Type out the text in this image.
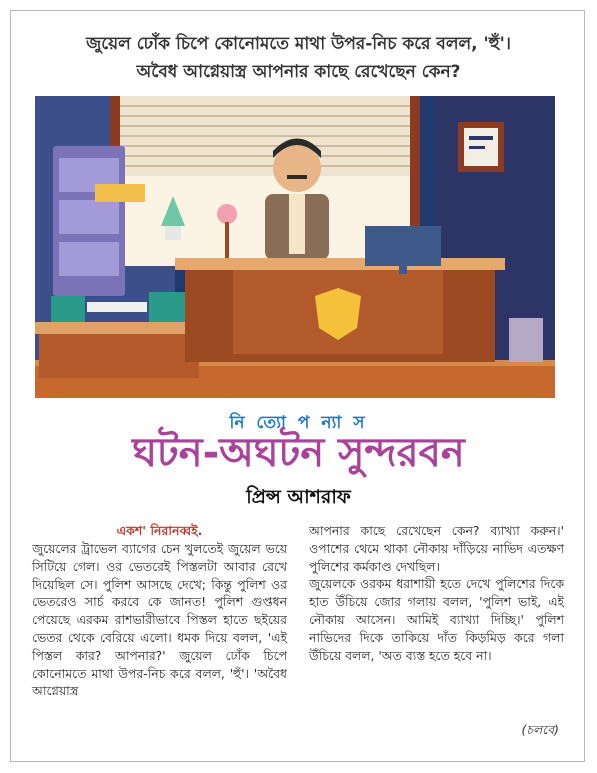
জুয়েল ঢোঁক চিপে কোনোমতে মাথা উপর-নিচ করে বলল, 'হুঁ'।
অবৈধ আগ্নেয়াস্ত্র আপনার কাছে রেখেছেন কেন?
নি ত্যো প ন্যা স
ঘটন-অঘটন সুন্দরবন
প্রিন্স আশরাফ
একশ' নিরানব্বই.

জুয়েলের ট্রাভেল ব্যাগের চেন খুলতেই জুয়েল ভয়ে সিটিয়ে গেল। ওর ভেতরেই পিস্তলটা আবার রেখে দিয়েছিল সে। পুলিশ আসছে দেখে; কিন্তু পুলিশ ওর ভেতরেও সার্চ করবে কে জানত! পুলিশ গুপ্তধন পেয়েছে এরকম রাশভারীভাবে পিস্তল হাতে ছইয়ের ভেতর থেকে বেরিয়ে এলো। ধমক দিয়ে বলল, 'এই পিস্তল কার? আপনার?' জুয়েল ঢোঁক চিপে কোনোমতে মাথা উপর-নিচ করে বলল, 'হুঁ'। 'অবৈধ আগ্নেয়াস্ত্র

আপনার কাছে রেখেছেন কেন? ব্যাখ্যা করুন।' ওপাশের থেমে থাকা নৌকায় দাঁড়িয়ে নাভিদ এতক্ষণ পুলিশের কর্মকাণ্ড দেখছিল।

জুয়েলকে ওরকম ধরাশায়ী হতে দেখে পুলিশের দিকে হাত উঁচিয়ে জোর গলায় বলল, 'পুলিশ ভাই, এই নৌকায় আসেন। আমিই ব্যাখ্যা দিচ্ছি।' পুলিশ নাভিদের দিকে তাকিয়ে দাঁত কিড়মিড় করে গলা উঁচিয়ে বলল, 'অত ব্যস্ত হতে হবে না।

(চলবে)
